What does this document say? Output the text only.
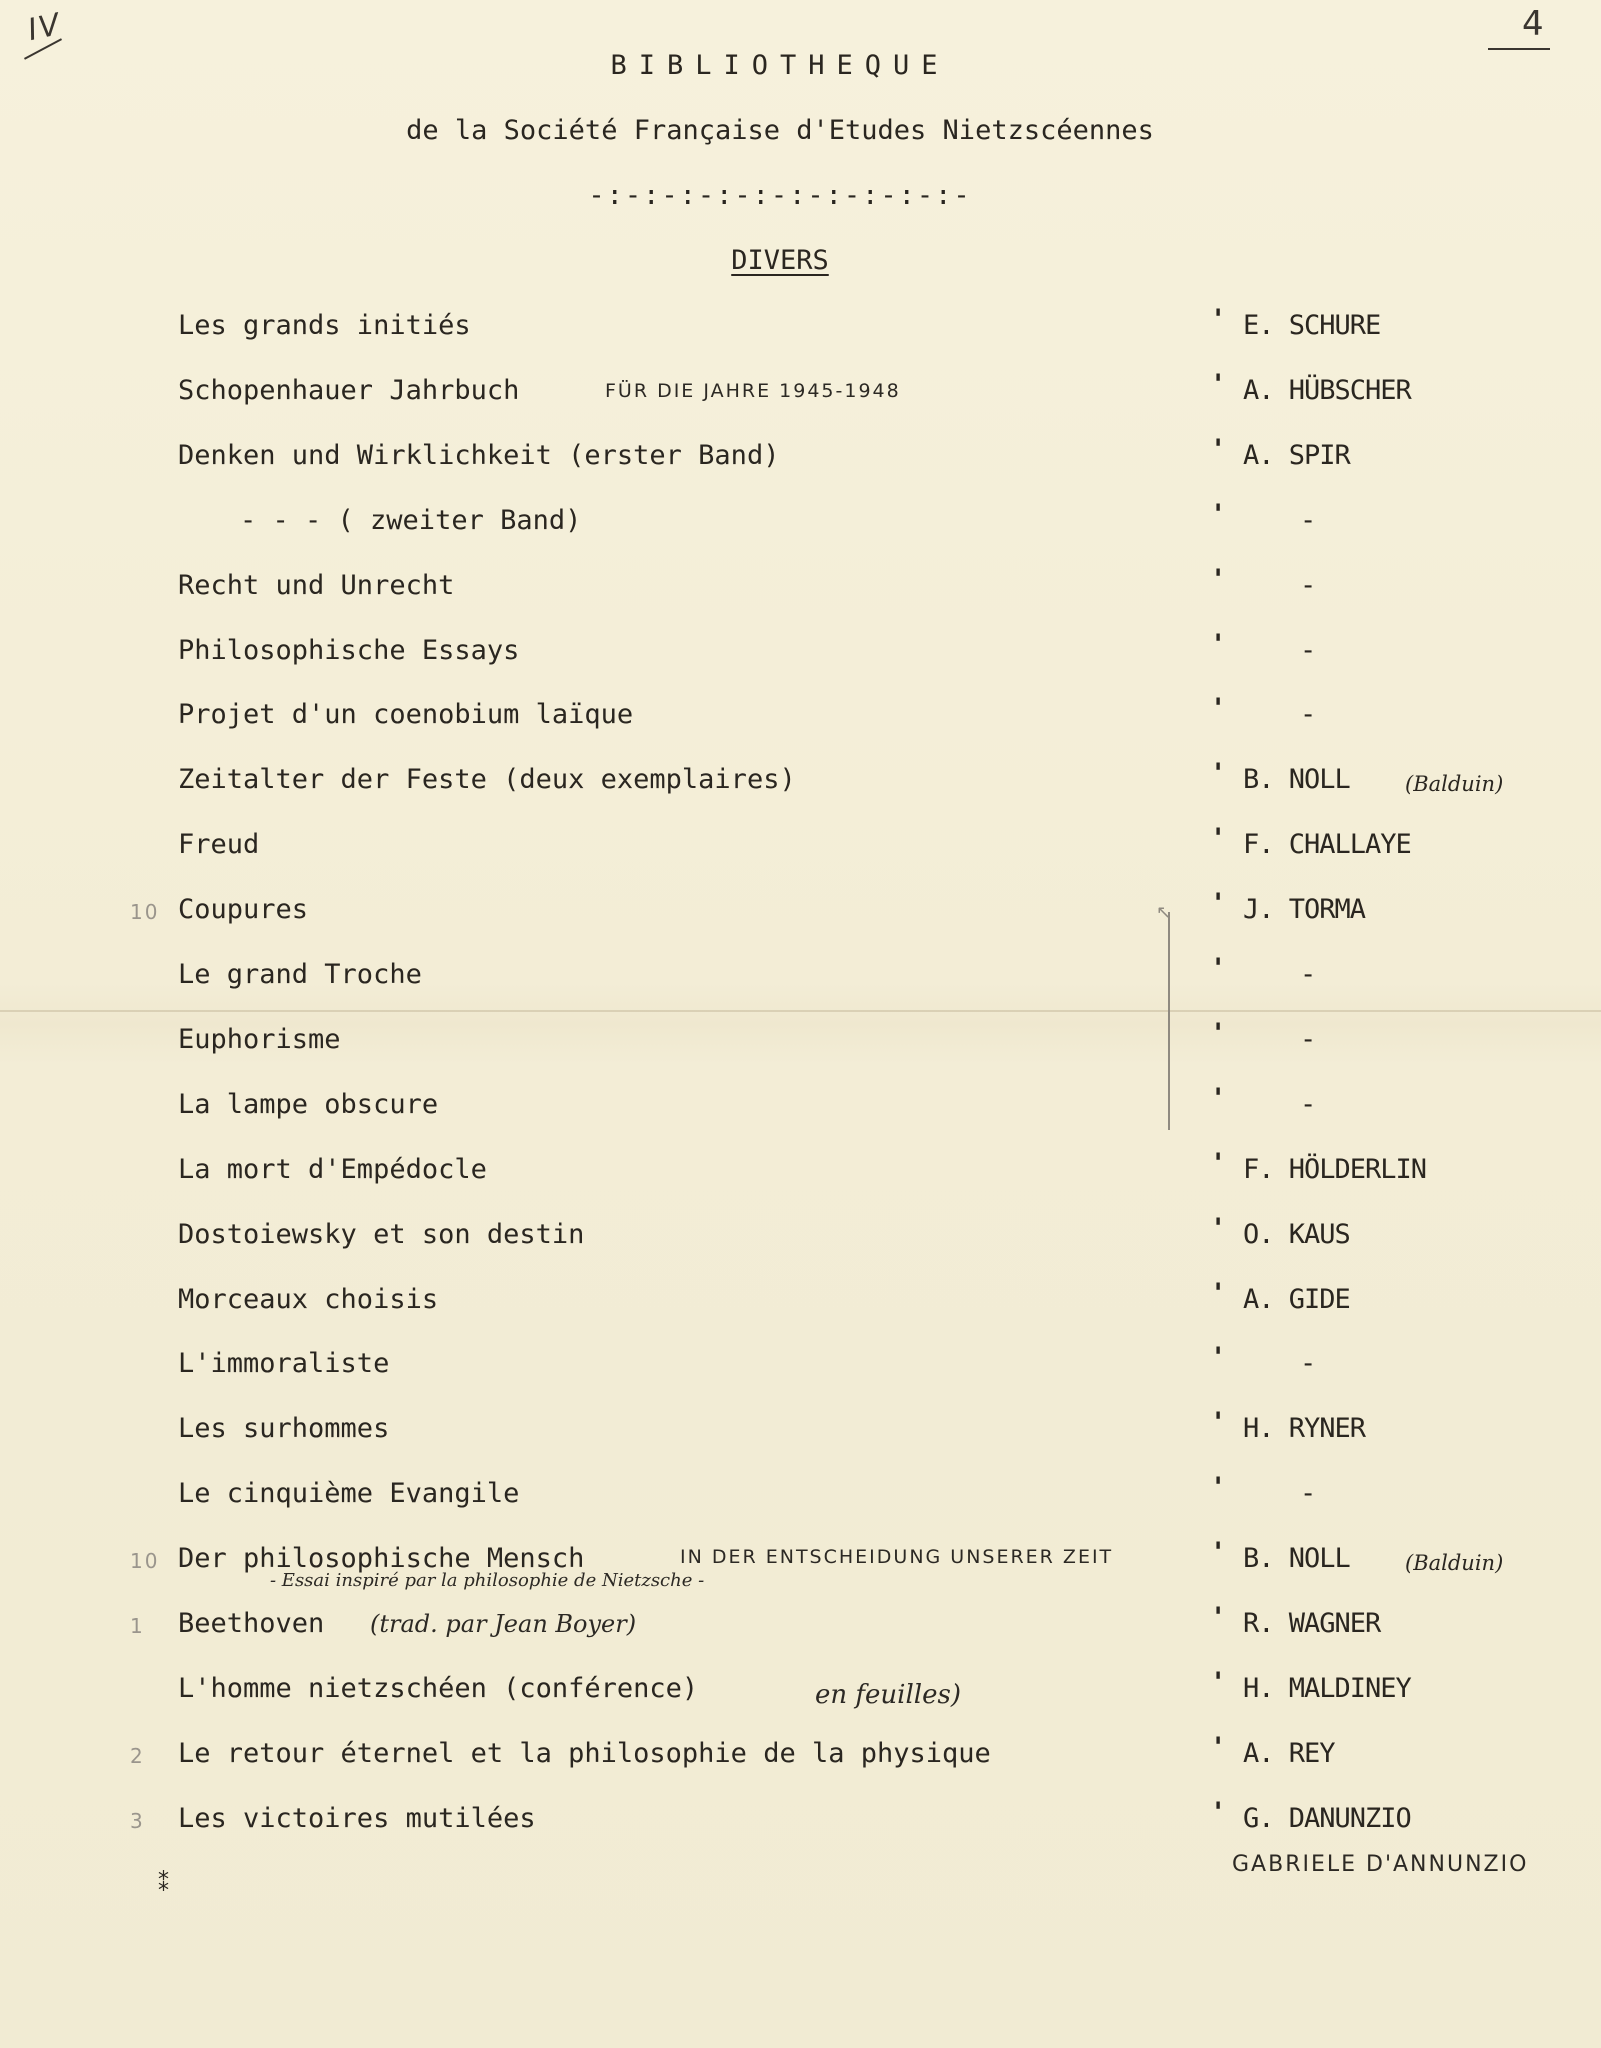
IV	4
BIBLIOTHEQUE
de la Société Française d'Etudes Nietzscéennes
-:-:-:-:-:-:-:-:-:-:-
DIVERS
Les grands initiés	' E. SCHURE
Schopenhauer Jahrbuch	' A. HÜBSCHER
FÜR DIE JAHRE 1945-1948
Denken und Wirklichkeit (erster Band)	' A. SPIR
- - - ( zweiter Band)	'	-
Recht und Unrecht	'	-
Philosophische Essays	'	-
Projet d'un coenobium laïque	'	-
Zeitalter der Feste (deux exemplaires)	' B. NOLL	(Balduin)
Freud	' F. CHALLAYE
Coupures	' J. TORMA
10
Le grand Troche	'	-
Euphorisme	'	-
La lampe obscure	'	-
La mort d'Empédocle	' F. HÖLDERLIN
Dostoiewsky et son destin	' O. KAUS
Morceaux choisis	' A. GIDE
L'immoraliste	'	-
Les surhommes	' H. RYNER
Le cinquième Evangile	'	-
Der philosophische Mensch	' B. NOLL	(Balduin)
IN DER ENTSCHEIDUNG UNSERER ZEIT
- Essai inspiré par la philosophie de Nietzsche -
10
Beethoven	' R. WAGNER
(trad. par Jean Boyer)
1
L'homme nietzschéen (conférence)	' H. MALDINEY
en feuilles)
Le retour éternel et la philosophie de la physique	' A. REY
2
Les victoires mutilées	' G. DANUNZIO
3
↖
GABRIELE D'ANNUNZIO
⁑
